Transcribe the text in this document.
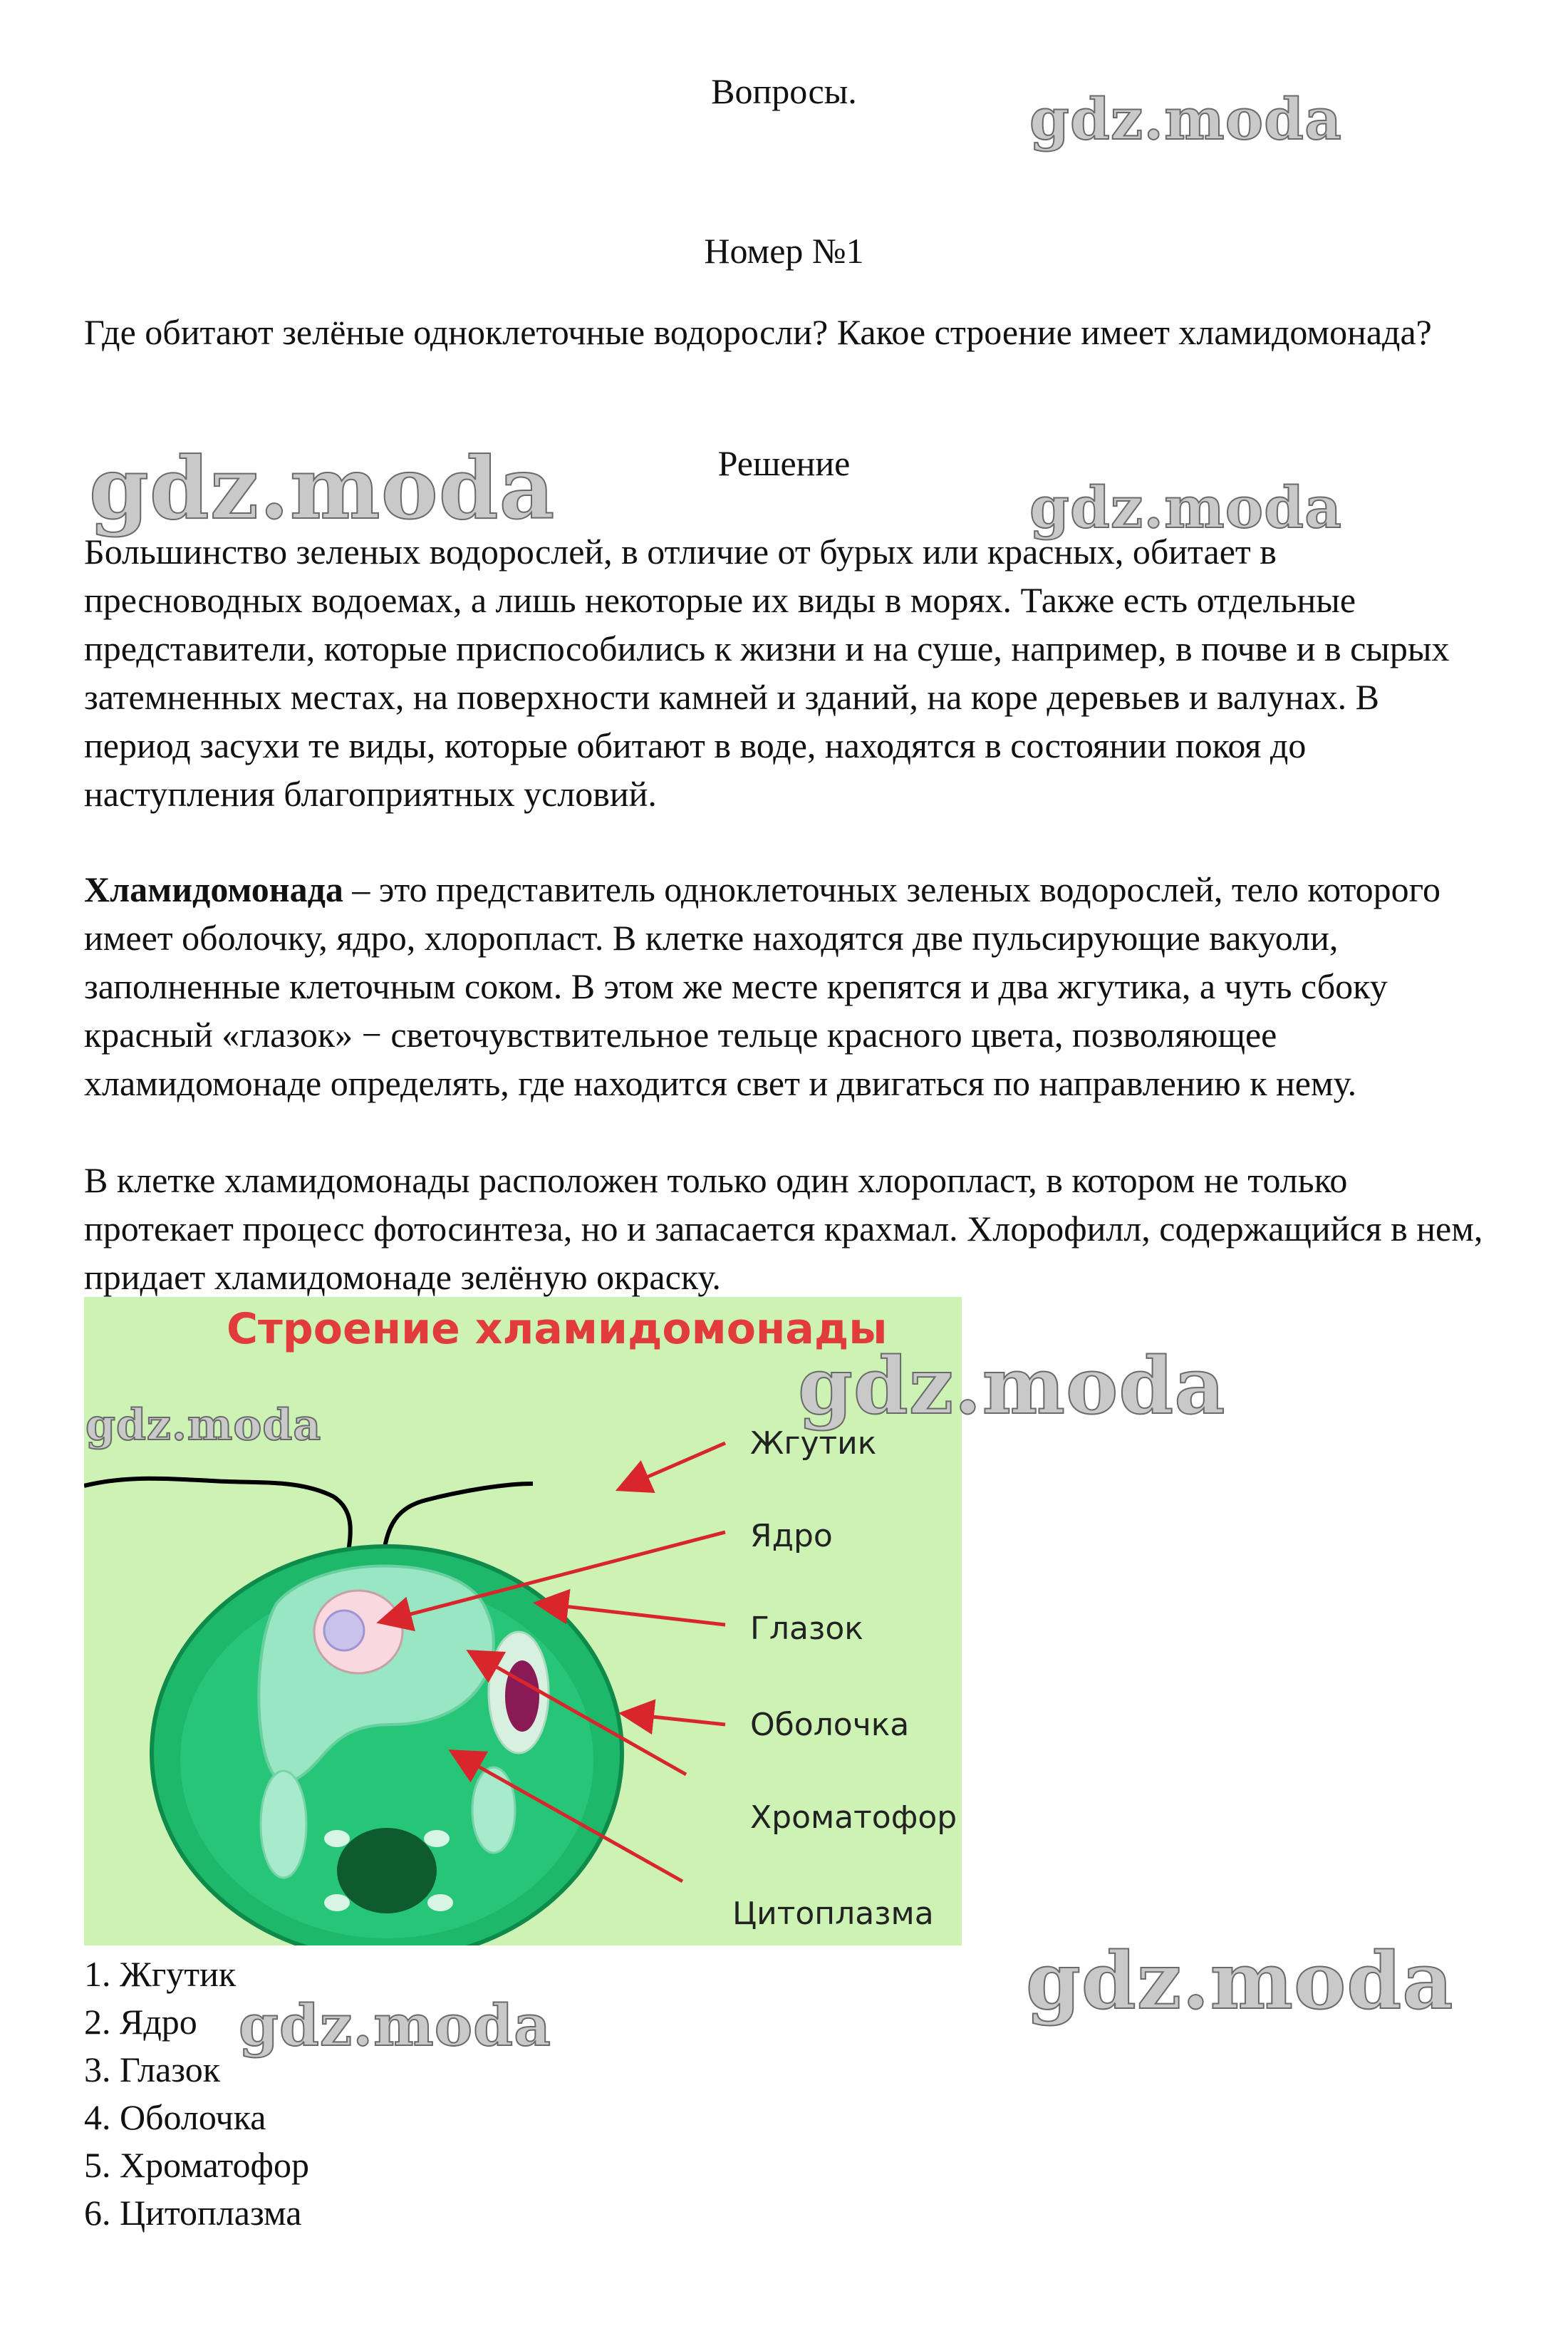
Вопросы.
Номер №1
Где обитают зелёные одноклеточные водоросли? Какое строение имеет хламидомонада?
Решение
Большинство зеленых водорослей, в отличие от бурых или красных, обитает в пресноводных водоемах, а лишь некоторые их виды в морях. Также есть отдельные представители, которые приспособились к жизни и на суше, например, в почве и в сырых затемненных местах, на поверхности камней и зданий, на коре деревьев и валунах. В период засухи те виды, которые обитают в воде, находятся в состоянии покоя до наступления благоприятных условий.
Хламидомонада – это представитель одноклеточных зеленых водорослей, тело которого имеет оболочку, ядро, хлоропласт. В клетке находятся две пульсирующие вакуоли, заполненные клеточным соком. В этом же месте крепятся и два жгутика, а чуть сбоку красный «глазок» − светочувствительное тельце красного цвета, позволяющее хламидомонаде определять, где находится свет и двигаться по направлению к нему.
В клетке хламидомонады расположен только один хлоропласт, в котором не только протекает процесс фотосинтеза, но и запасается крахмал. Хлорофилл, содержащийся в нем, придает хламидомонаде зелёную окраску.
Строение хламидомонады
Жгутик
Ядро
Глазок
Оболочка
Хроматофор
Цитоплазма
1. Жгутик
2. Ядро
3. Глазок
4. Оболочка
5. Хроматофор
6. Цитоплазма
gdz.moda
gdz.moda	gdz.moda
gdz.moda
gdz.moda
gdz.moda
gdz.moda
